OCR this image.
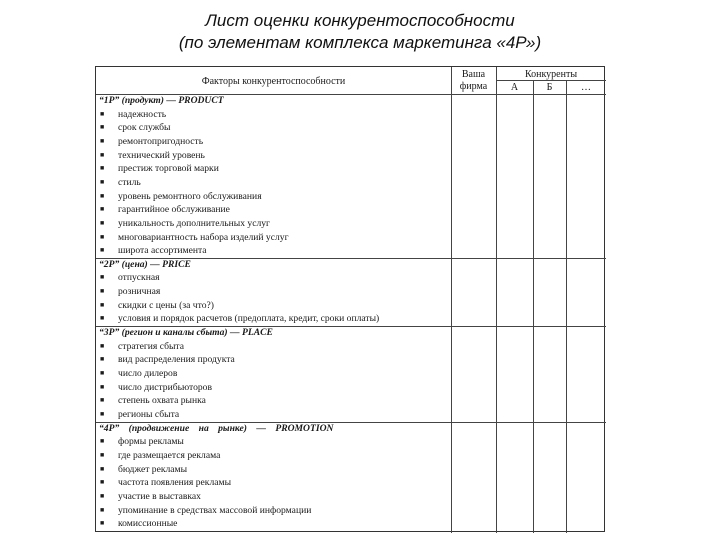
Лист оценки конкурентоспособности
(по элементам комплекса маркетинга «4Р»)
Факторы конкурентоспособности
Ваша
фирма
Конкуренты
А	Б	…
“1Р” (продукт) — PRODUCT
■ надежность
■ срок службы
■ ремонтопригодность
■ технический уровень
■ престиж торговой марки
■ стиль
■ уровень ремонтного обслуживания
■ гарантийное обслуживание
■ уникальность дополнительных услуг
■ многовариантность набора изделий услуг
■ широта ассортимента
“2Р” (цена) — PRICE
■ отпускная
■ розничная
■ скидки с цены (за что?)
■ условия и порядок расчетов (предоплата, кредит, сроки оплаты)
“3Р” (регион и каналы сбыта) — PLACE
■ стратегия сбыта
■ вид распределения продукта
■ число дилеров
■ число дистрибьюторов
■ степень охвата рынка
■ регионы сбыта
“4Р” (продвижение на рынке) — PROMOTION
■ формы рекламы
■ где размещается реклама
■ бюджет рекламы
■ частота появления рекламы
■ участие в выставках
■ упоминание в средствах массовой информации
■ комиссионные
